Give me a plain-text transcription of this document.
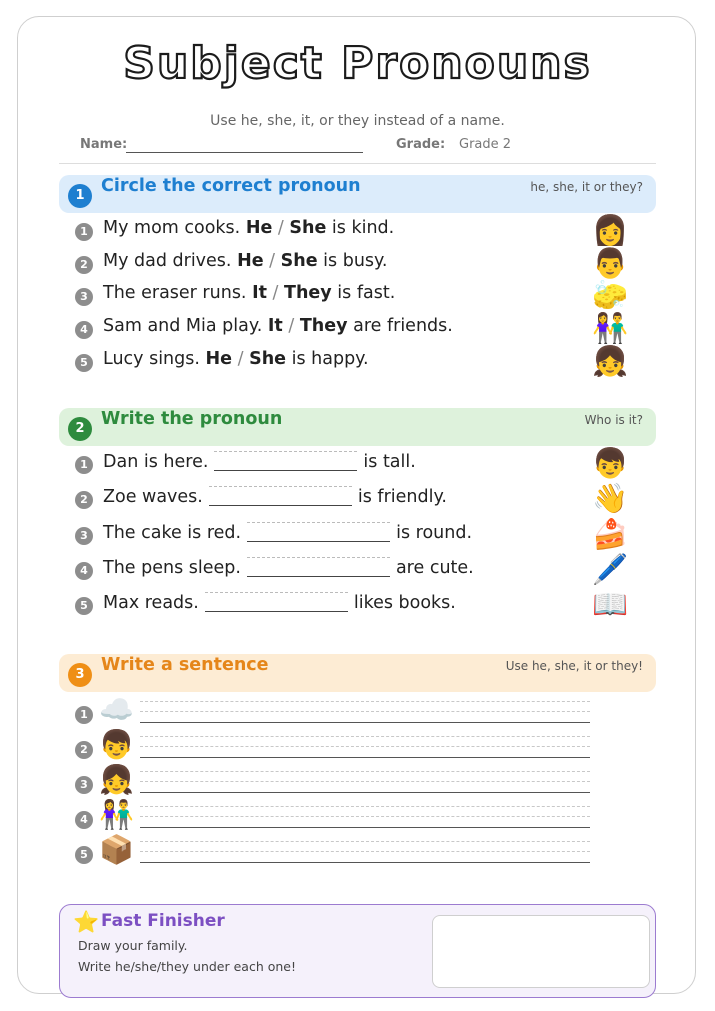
Subject Pronouns
Use he, she, it, or they instead of a name.
Name:	Grade: Grade 2
1 Circle the correct pronoun	he, she, it or they?
1 My mom cooks. He / She is kind.	👩
2 My dad drives. He / She is busy.	👨
3 The eraser runs. It / They is fast.	🧽
4 Sam and Mia play. It / They are friends.	👫
5 Lucy sings. He / She is happy.	👧
2 Write the pronoun	Who is it?
1 Dan is here.	is tall.	👦
2 Zoe waves.	is friendly.	👋
3 The cake is red.	is round.	🍰
4 The pens sleep.	are cute.	🖊️
5 Max reads.	likes books.	📖
3 Write a sentence	Use he, she, it or they!
1 ☁️
2 👦
3 👧
4 👫
5 📦
⭐ Fast Finisher
Draw your family.
Write he/she/they under each one!
